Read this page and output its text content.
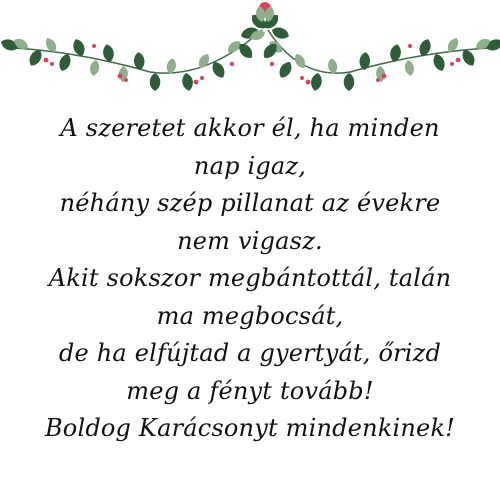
A szeretet akkor él, ha minden
nap igaz,
néhány szép pillanat az évekre
nem vigasz.
Akit sokszor megbántottál, talán
ma megbocsát,
de ha elfújtad a gyertyát, őrizd
meg a fényt tovább!
Boldog Karácsonyt mindenkinek!
